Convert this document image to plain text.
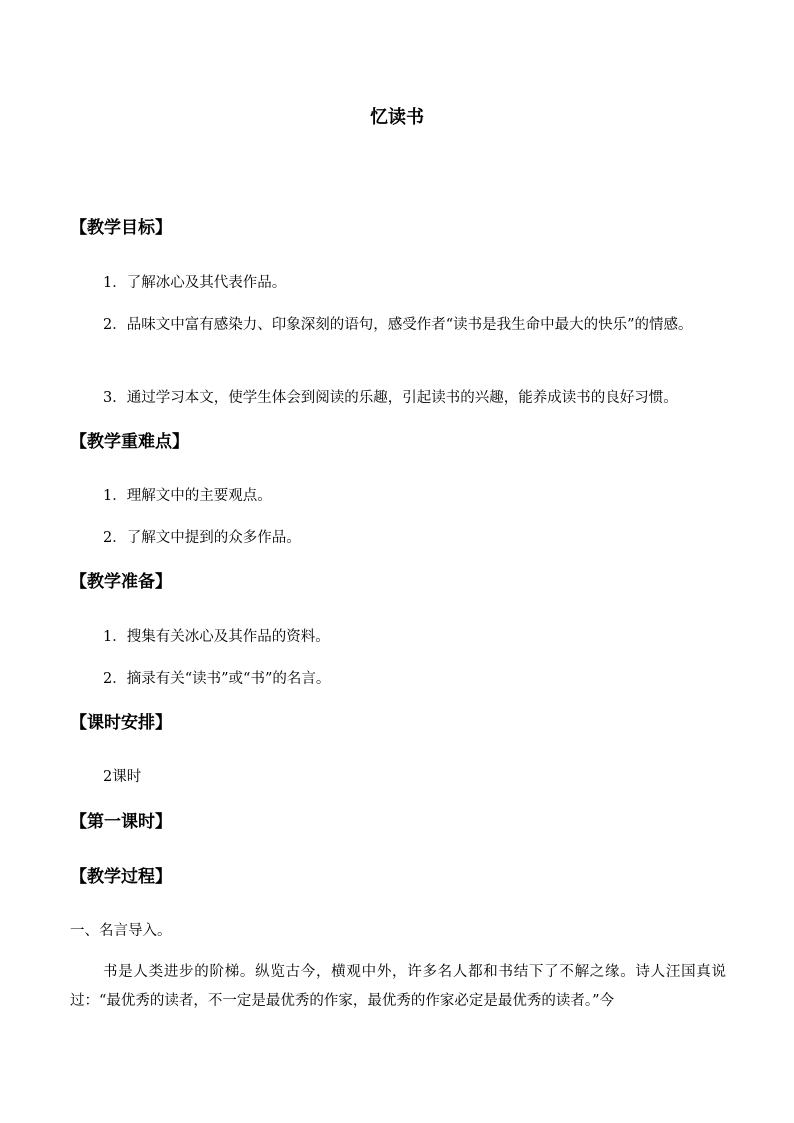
忆读书
【教学目标】
1．了解冰心及其代表作品。
2．品味文中富有感染力、印象深刻的语句，感受作者“读书是我生命中最大的快乐”的情感。
3．通过学习本文，使学生体会到阅读的乐趣，引起读书的兴趣，能养成读书的良好习惯。
【教学重难点】
1．理解文中的主要观点。
2．了解文中提到的众多作品。
【教学准备】
1．搜集有关冰心及其作品的资料。
2．摘录有关“读书”或“书”的名言。
【课时安排】
2课时
【第一课时】
【教学过程】
一、名言导入。
书是人类进步的阶梯。纵览古今，横观中外，许多名人都和书结下了不解之缘。诗人汪国真说过：“最优秀的读者，不一定是最优秀的作家，最优秀的作家必定是最优秀的读者。”今
